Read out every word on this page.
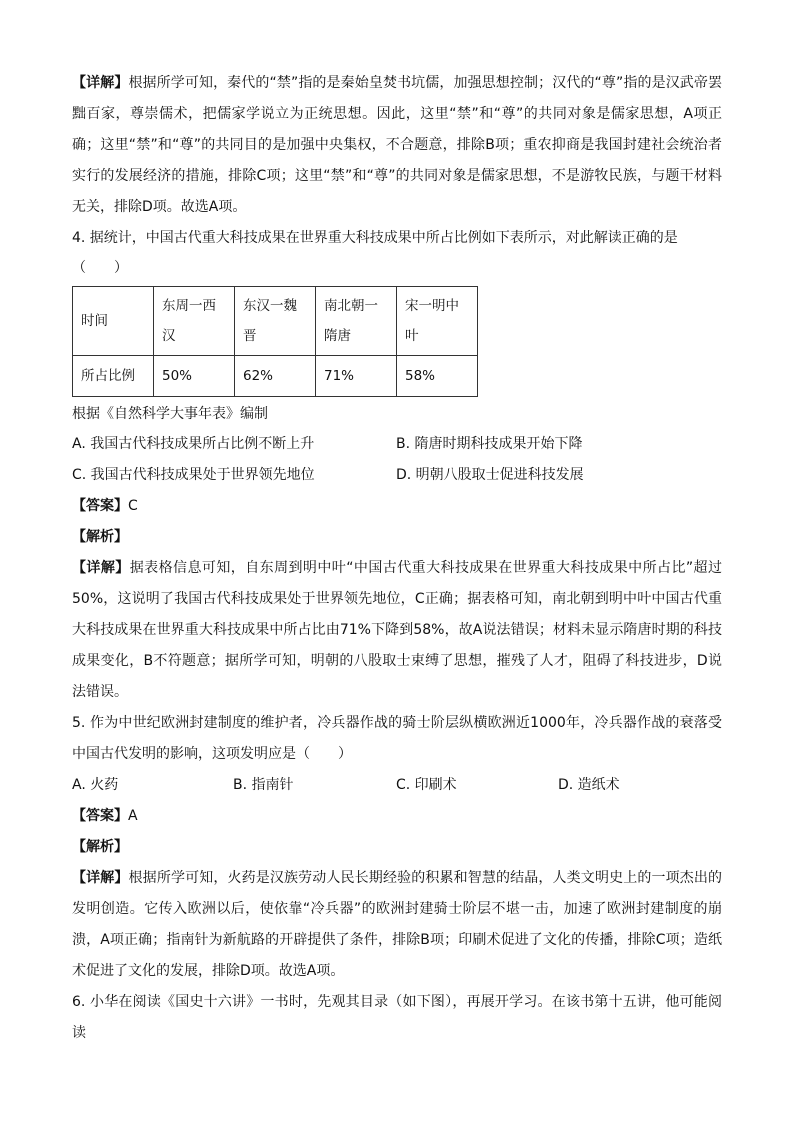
【详解】根据所学可知，秦代的“禁”指的是秦始皇焚书坑儒，加强思想控制；汉代的“尊”指的是汉武帝罢黜百家，尊崇儒术，把儒家学说立为正统思想。因此，这里“禁”和“尊”的共同对象是儒家思想，A项正确；这里“禁”和“尊”的共同目的是加强中央集权，不合题意，排除B项；重农抑商是我国封建社会统治者实行的发展经济的措施，排除C项；这里“禁”和“尊”的共同对象是儒家思想，不是游牧民族，与题干材料无关，排除D项。故选A项。

4. 据统计，中国古代重大科技成果在世界重大科技成果中所占比例如下表所示，对此解读正确的是

（　　）
时间	东周一西汉	东汉一魏晋	南北朝一隋唐	宋一明中叶
所占比例	50%	62%	71%	58%

根据《自然科学大事年表》编制

A. 我国古代科技成果所占比例不断上升	B. 隋唐时期科技成果开始下降
C. 我国古代科技成果处于世界领先地位	D. 明朝八股取士促进科技发展

【答案】C

【解析】

【详解】据表格信息可知，自东周到明中叶“中国古代重大科技成果在世界重大科技成果中所占比”超过50%，这说明了我国古代科技成果处于世界领先地位，C正确；据表格可知，南北朝到明中叶中国古代重大科技成果在世界重大科技成果中所占比由71%下降到58%，故A说法错误；材料未显示隋唐时期的科技成果变化，B不符题意；据所学可知，明朝的八股取士束缚了思想，摧残了人才，阻碍了科技进步，D说法错误。

5. 作为中世纪欧洲封建制度的维护者，冷兵器作战的骑士阶层纵横欧洲近1000年，冷兵器作战的衰落受中国古代发明的影响，这项发明应是（　　）

A. 火药	B. 指南针	C. 印刷术	D. 造纸术

【答案】A

【解析】

【详解】根据所学可知，火药是汉族劳动人民长期经验的积累和智慧的结晶，人类文明史上的一项杰出的发明创造。它传入欧洲以后，使依靠“冷兵器”的欧洲封建骑士阶层不堪一击，加速了欧洲封建制度的崩溃，A项正确；指南针为新航路的开辟提供了条件，排除B项；印刷术促进了文化的传播，排除C项；造纸术促进了文化的发展，排除D项。故选A项。

6. 小华在阅读《国史十六讲》一书时，先观其目录（如下图），再展开学习。在该书第十五讲，他可能阅读
